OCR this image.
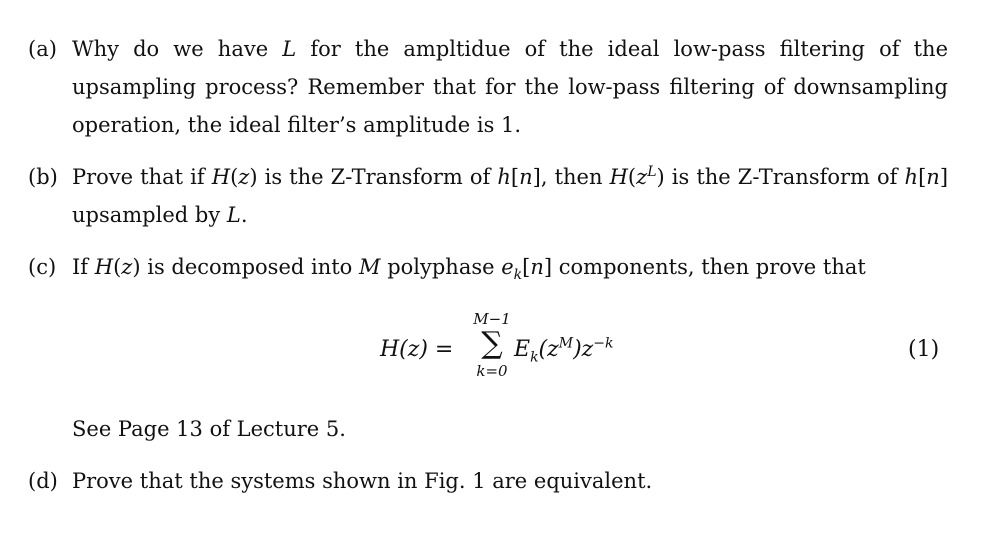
(a) Why do we have L for the ampltidue of the ideal low-pass filtering of the upsampling process? Remember that for the low-pass filtering of downsampling operation, the ideal filter’s amplitude is 1.
(b) Prove that if H(z) is the Z-Transform of h[n], then $H(z^L)$ is the Z-Transform of h[n] upsampled by L.
(c) If H(z) is decomposed into M polyphase $e_k[n]$ components, then prove that
H(z) =
M−1
∑
k=0
$E_k(z^M)z^{-k}$	(1)
See Page 13 of Lecture 5.
(d) Prove that the systems shown in Fig. 1 are equivalent.
